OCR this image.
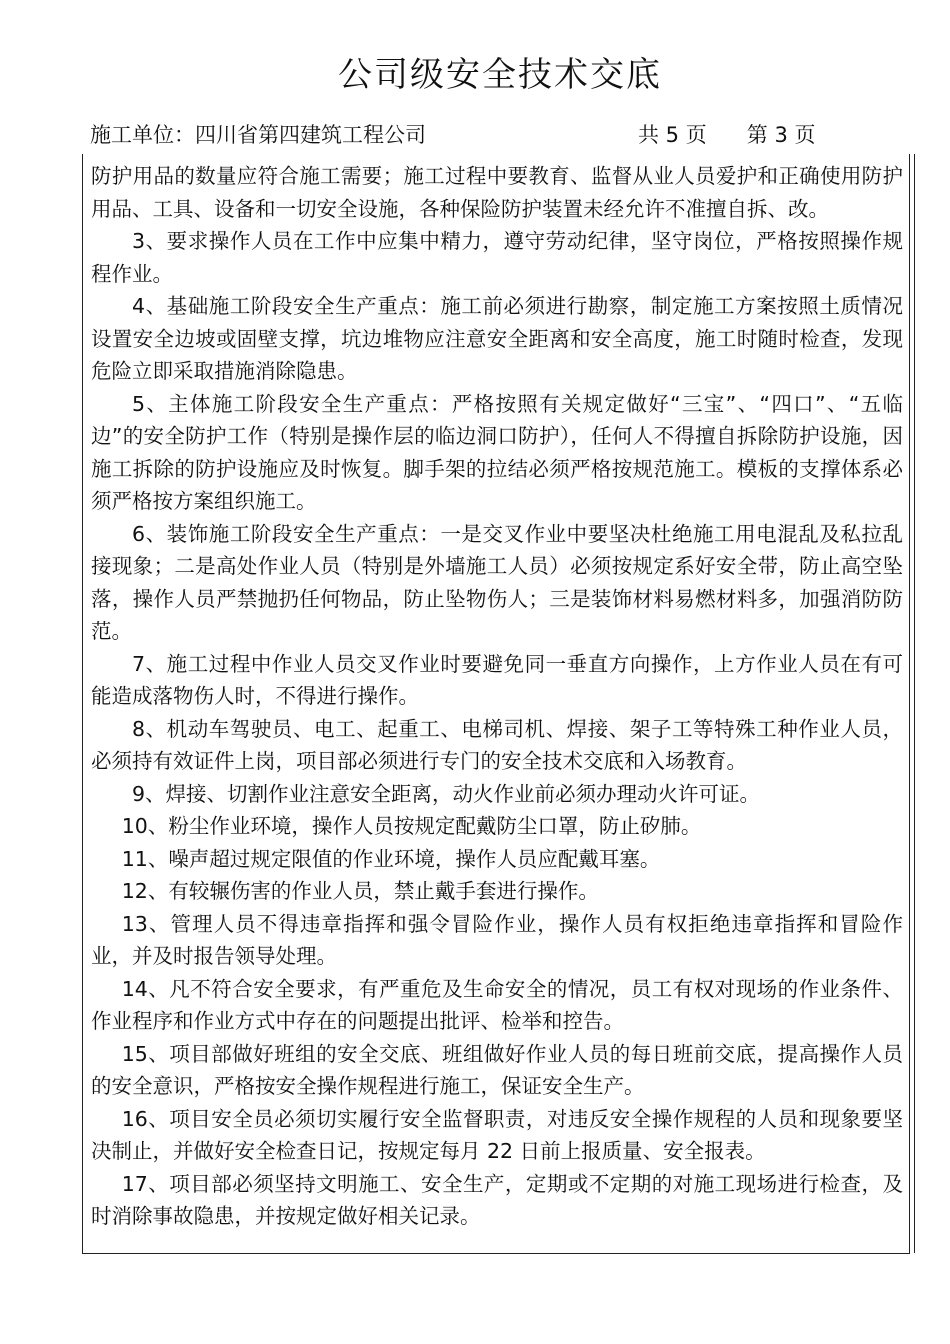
公司级安全技术交底
施工单位：四川省第四建筑工程公司	共 5 页      第 3 页

防护用品的数量应符合施工需要；施工过程中要教育、监督从业人员爱护和正确使用防护用品、工具、设备和一切安全设施，各种保险防护装置未经允许不准擅自拆、改。

3、要求操作人员在工作中应集中精力，遵守劳动纪律，坚守岗位，严格按照操作规程作业。

4、基础施工阶段安全生产重点：施工前必须进行勘察，制定施工方案按照土质情况设置安全边坡或固壁支撑，坑边堆物应注意安全距离和安全高度，施工时随时检查，发现危险立即采取措施消除隐患。

5、主体施工阶段安全生产重点：严格按照有关规定做好“三宝”、“四口”、“五临边”的安全防护工作（特别是操作层的临边洞口防护），任何人不得擅自拆除防护设施，因施工拆除的防护设施应及时恢复。脚手架的拉结必须严格按规范施工。模板的支撑体系必须严格按方案组织施工。

6、装饰施工阶段安全生产重点：一是交叉作业中要坚决杜绝施工用电混乱及私拉乱接现象；二是高处作业人员（特别是外墙施工人员）必须按规定系好安全带，防止高空坠落，操作人员严禁抛扔任何物品，防止坠物伤人；三是装饰材料易燃材料多，加强消防防范。

7、施工过程中作业人员交叉作业时要避免同一垂直方向操作，上方作业人员在有可能造成落物伤人时，不得进行操作。

8、机动车驾驶员、电工、起重工、电梯司机、焊接、架子工等特殊工种作业人员，必须持有效证件上岗，项目部必须进行专门的安全技术交底和入场教育。

9、焊接、切割作业注意安全距离，动火作业前必须办理动火许可证。

10、粉尘作业环境，操作人员按规定配戴防尘口罩，防止矽肺。

11、噪声超过规定限值的作业环境，操作人员应配戴耳塞。

12、有较辗伤害的作业人员，禁止戴手套进行操作。

13、管理人员不得违章指挥和强令冒险作业，操作人员有权拒绝违章指挥和冒险作业，并及时报告领导处理。

14、凡不符合安全要求，有严重危及生命安全的情况，员工有权对现场的作业条件、作业程序和作业方式中存在的问题提出批评、检举和控告。

15、项目部做好班组的安全交底、班组做好作业人员的每日班前交底，提高操作人员的安全意识，严格按安全操作规程进行施工，保证安全生产。

16、项目安全员必须切实履行安全监督职责，对违反安全操作规程的人员和现象要坚决制止，并做好安全检查日记，按规定每月 22 日前上报质量、安全报表。

17、项目部必须坚持文明施工、安全生产，定期或不定期的对施工现场进行检查，及时消除事故隐患，并按规定做好相关记录。
